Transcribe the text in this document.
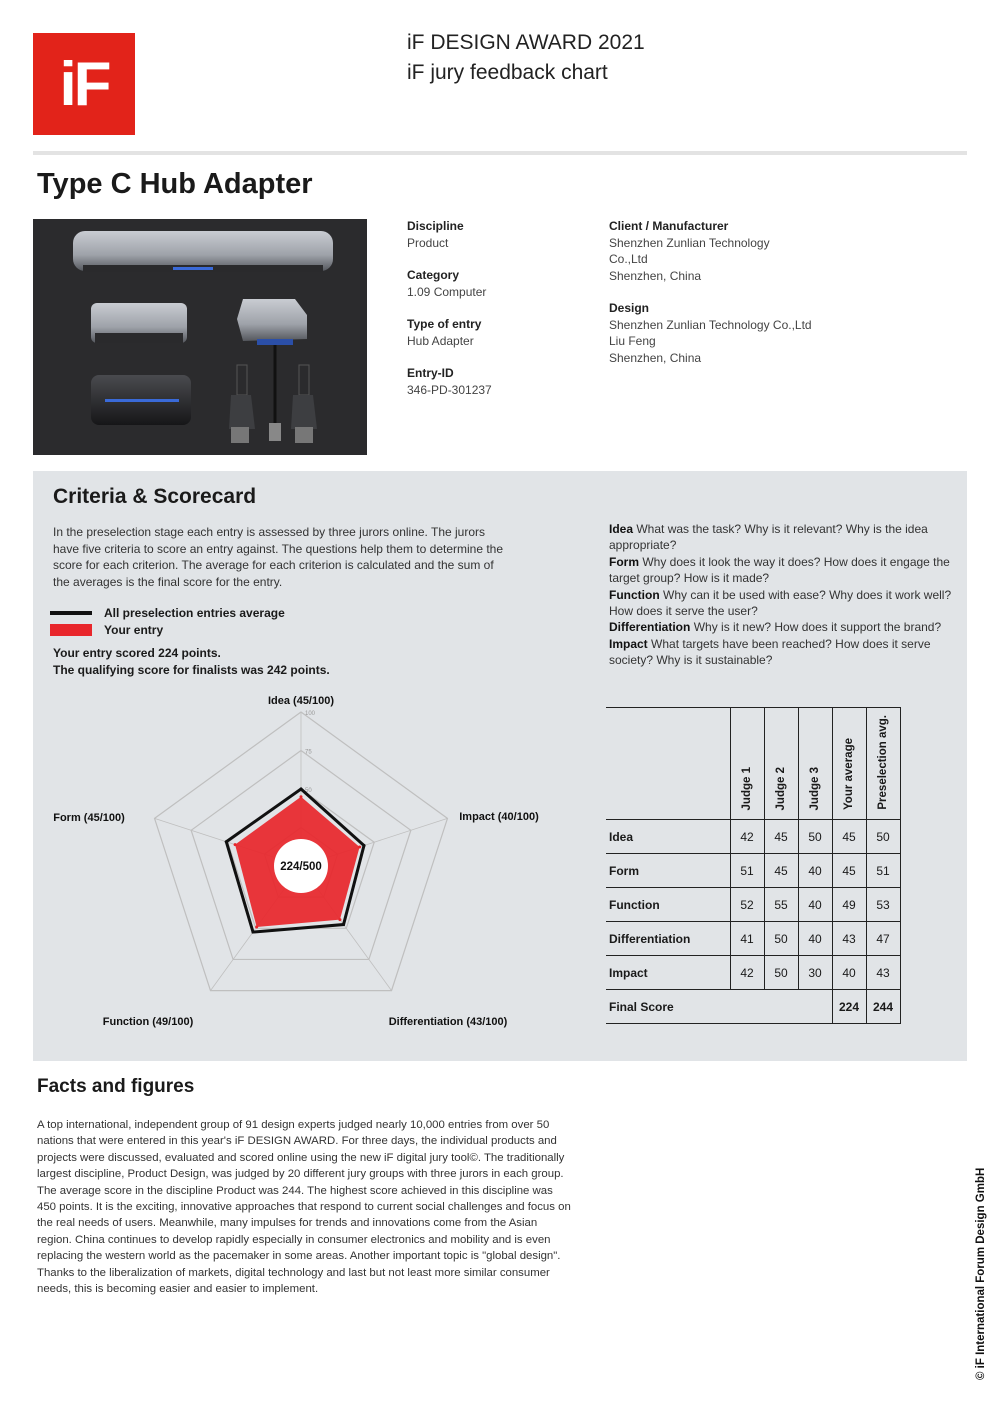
iF
iF DESIGN AWARD 2021
iF jury feedback chart
Type C Hub Adapter
Discipline
Product
Category
1.09 Computer
Type of entry
Hub Adapter
Entry-ID
346-PD-301237
Client / Manufacturer
Shenzhen Zunlian Technology
Co.,Ltd
Shenzhen, China
Design
Shenzhen Zunlian Technology Co.,Ltd
Liu Feng
Shenzhen, China
Criteria & Scorecard
In the preselection stage each entry is assessed by three jurors online. The jurors have five criteria to score an entry against. The questions help them to determine the score for each criterion. The average for each criterion is calculated and the sum of the averages is the final score for the entry.
All preselection entries average
Your entry
Your entry scored 224 points.
The qualifying score for finalists was 242 points.
Idea What was the task? Why is it relevant? Why is the idea appropriate?
Form Why does it look the way it does? How does it engage the target group? How is it made?
Function Why can it be used with ease? Why does it work well? How does it serve the user?
Differentiation Why is it new? How does it support the brand?
Impact What targets have been reached? How does it serve society? Why is it sustainable?
100
75
50
224/500
Idea (45/100)
Impact (40/100)
Differentiation (43/100)
Function (49/100)
Form (45/100)
	Judge 1	Judge 2	Judge 3	Your average	Preselection avg.
Idea	42	45	50	45	50
Form	51	45	40	45	51
Function	52	55	40	49	53
Differentiation	41	50	40	43	47
Impact	42	50	30	40	43
Final Score				224	244
Facts and figures
A top international, independent group of 91 design experts judged nearly 10,000 entries from over 50 nations that were entered in this year's iF DESIGN AWARD. For three days, the individual products and projects were discussed, evaluated and scored online using the new iF digital jury tool©. The traditionally largest discipline, Product Design, was judged by 20 different jury groups with three jurors in each group. The average score in the discipline Product was 244. The highest score achieved in this discipline was 450 points. It is the exciting, innovative approaches that respond to current social challenges and focus on the real needs of users. Meanwhile, many impulses for trends and innovations come from the Asian region. China continues to develop rapidly especially in consumer electronics and mobility and is even replacing the western world as the pacemaker in some areas. Another important topic is "global design". Thanks to the liberalization of markets, digital technology and last but not least more similar consumer needs, this is becoming easier and easier to implement.	© iF International Forum Design GmbH
